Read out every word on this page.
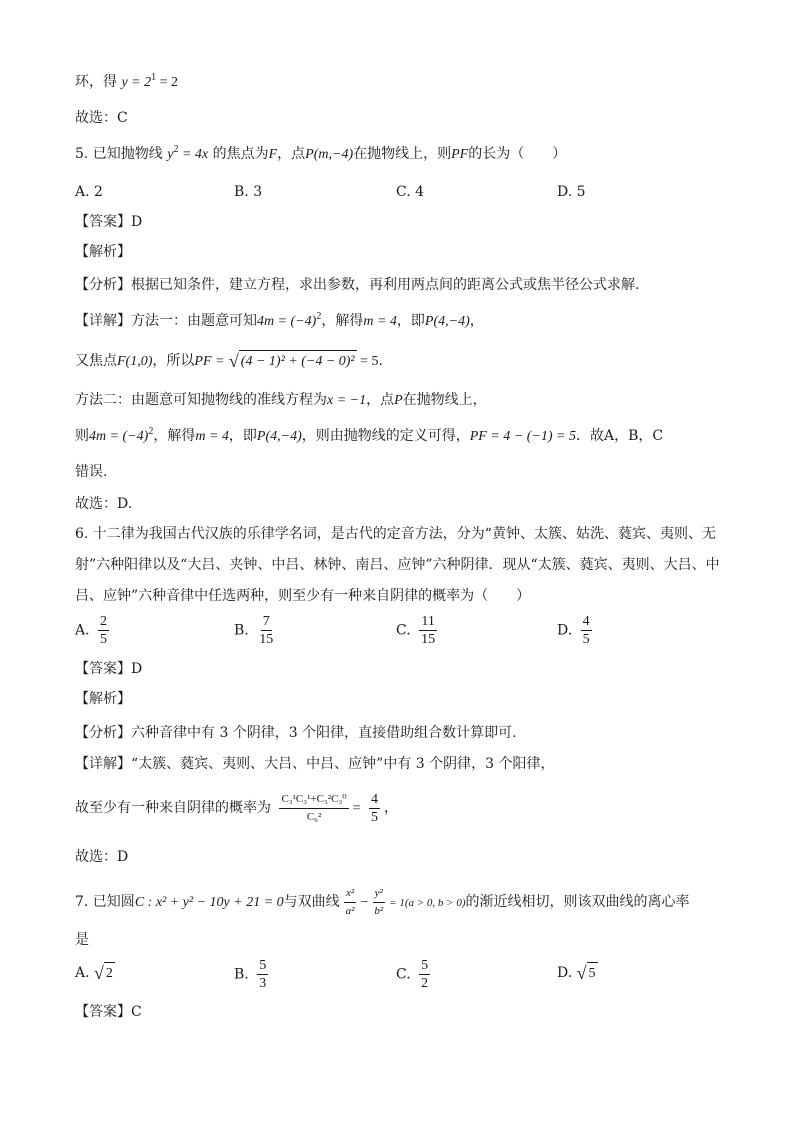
环，得 $y = 2^1 = 2$
故选：C
5. 已知抛物线 $y^2 = 4x$ 的焦点为F，点P(m,−4)在抛物线上，则PF的长为（　　）
A. 2	B. 3	C. 4	D. 5
【答案】D
【解析】
【分析】根据已知条件，建立方程，求出参数，再利用两点间的距离公式或焦半径公式求解.
【详解】方法一：由题意可知$4m = (-4)^2$，解得m = 4，即P(4,−4)，
又焦点F(1,0)，所以PF = √ (4 − 1)² + (−4 − 0)² = 5.
方法二：由题意可知抛物线的准线方程为x = −1，点P在抛物线上，
则$4m = (-4)^2$，解得m = 4，即P(4,−4)，则由抛物线的定义可得，PF = 4 − (−1) = 5．故A，B，C
错误.
故选：D.
6. 十二律为我国古代汉族的乐律学名词，是古代的定音方法，分为“黄钟、太簇、姑洗、蕤宾、夷则、无
射”六种阳律以及“大吕、夹钟、中吕、林钟、南吕、应钟”六种阴律．现从“太簇、蕤宾、夷则、大吕、中
吕、应钟”六种音律中任选两种，则至少有一种来自阴律的概率为（　　）
A. $\frac{2}{5}$	B. $\frac{7}{15}$	C. $\frac{11}{15}$	D. $\frac{4}{5}$
【答案】D
【解析】
【分析】六种音律中有 3 个阴律，3 个阳律，直接借助组合数计算即可.
【详解】“太簇、蕤宾、夷则、大吕、中吕、应钟”中有 3 个阴律，3 个阳律，
故至少有一种来自阴律的概率为 $\frac{\text{C₃¹C₃¹+C₃²C₃⁰}}{\text{C₆²}} = \frac{4}{5}$ ，
故选：D
7. 已知圆C : x² + y² − 10y + 21 = 0与双曲线 $\frac{\text{x²}}{\text{a²}} - \frac{\text{y²}}{\text{b²}} = 1(a > 0$, b > 0)的渐近线相切，则该双曲线的离心率
是
A. √ 2	B. $\frac{5}{3}$	C. $\frac{5}{2}$	D. √ 5
【答案】C
